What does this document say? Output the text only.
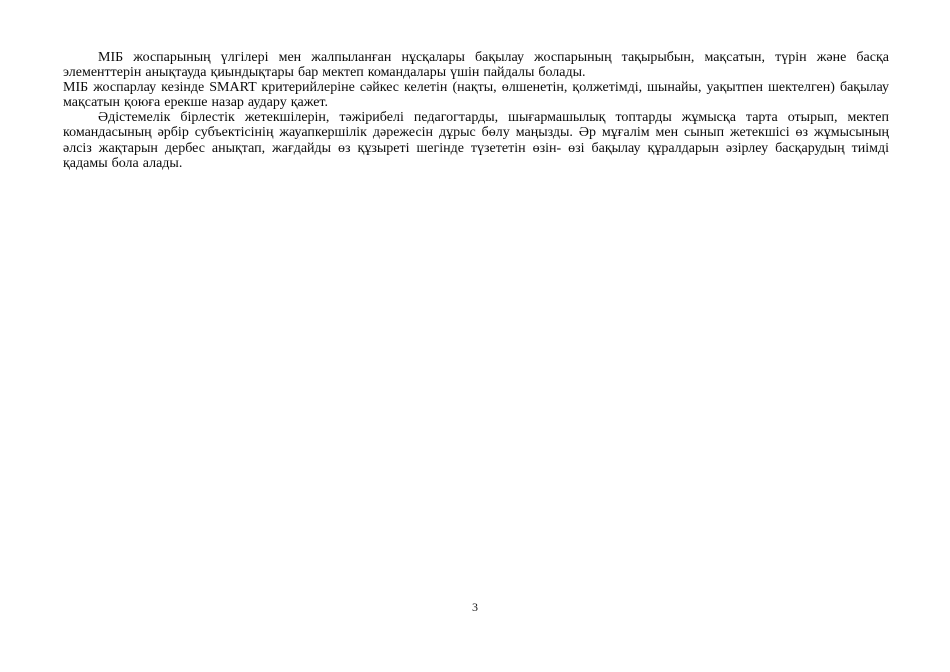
МІБ жоспарының үлгілері мен жалпыланған нұсқалары бақылау жоспарының тақырыбын, мақсатын, түрін және басқа элементтерін анықтауда қиындықтары бар мектеп командалары үшін пайдалы болады.

МІБ жоспарлау кезінде SMART критерийлеріне сәйкес келетін (нақты, өлшенетін, қолжетімді, шынайы, уақытпен шектелген) бақылау мақсатын қоюға ерекше назар аудару қажет.

Әдістемелік бірлестік жетекшілерін, тәжірибелі педагогтарды, шығармашылық топтарды жұмысқа тарта отырып, мектеп командасының әрбір субъектісінің жауапкершілік дәрежесін дұрыс бөлу маңызды. Әр мұғалім мен сынып жетекшісі өз жұмысының әлсіз жақтарын дербес анықтап, жағдайды өз құзыреті шегінде түзететін өзін- өзі бақылау құралдарын әзірлеу басқарудың тиімді қадамы бола алады.

3
